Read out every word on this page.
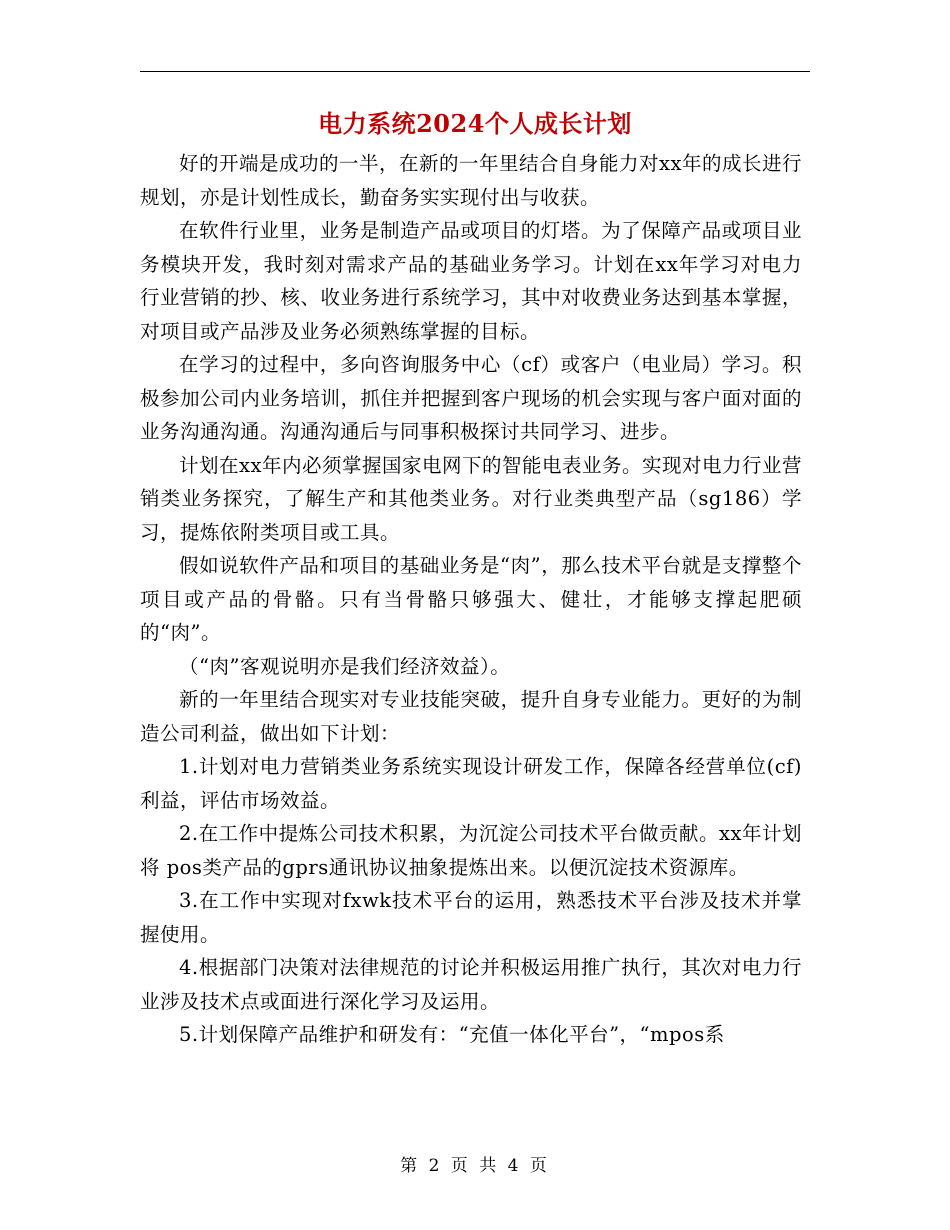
电力系统2024个人成长计划

好的开端是成功的一半，在新的一年里结合自身能力对xx年的成长进行规划，亦是计划性成长，勤奋务实实现付出与收获。

在软件行业里，业务是制造产品或项目的灯塔。为了保障产品或项目业务模块开发，我时刻对需求产品的基础业务学习。计划在xx年学习对电力行业营销的抄、核、收业务进行系统学习，其中对收费业务达到基本掌握，对项目或产品涉及业务必须熟练掌握的目标。

在学习的过程中，多向咨询服务中心（cf）或客户（电业局）学习。积极参加公司内业务培训，抓住并把握到客户现场的机会实现与客户面对面的业务沟通沟通。沟通沟通后与同事积极探讨共同学习、进步。

计划在xx年内必须掌握国家电网下的智能电表业务。实现对电力行业营销类业务探究，了解生产和其他类业务。对行业类典型产品（sg186）学习，提炼依附类项目或工具。

假如说软件产品和项目的基础业务是“肉”，那么技术平台就是支撑整个项目或产品的骨骼。只有当骨骼只够强大、健壮，才能够支撑起肥硕的“肉”。

（“肉”客观说明亦是我们经济效益）。

新的一年里结合现实对专业技能突破，提升自身专业能力。更好的为制造公司利益，做出如下计划：

1.计划对电力营销类业务系统实现设计研发工作，保障各经营单位(cf)利益，评估市场效益。

2.在工作中提炼公司技术积累，为沉淀公司技术平台做贡献。xx年计划将 pos类产品的gprs通讯协议抽象提炼出来。以便沉淀技术资源库。

3.在工作中实现对fxwk技术平台的运用，熟悉技术平台涉及技术并掌握使用。

4.根据部门决策对法律规范的讨论并积极运用推广执行，其次对电力行业涉及技术点或面进行深化学习及运用。

5.计划保障产品维护和研发有：“充值一体化平台”，“mpos系

第 2 页 共 4 页
